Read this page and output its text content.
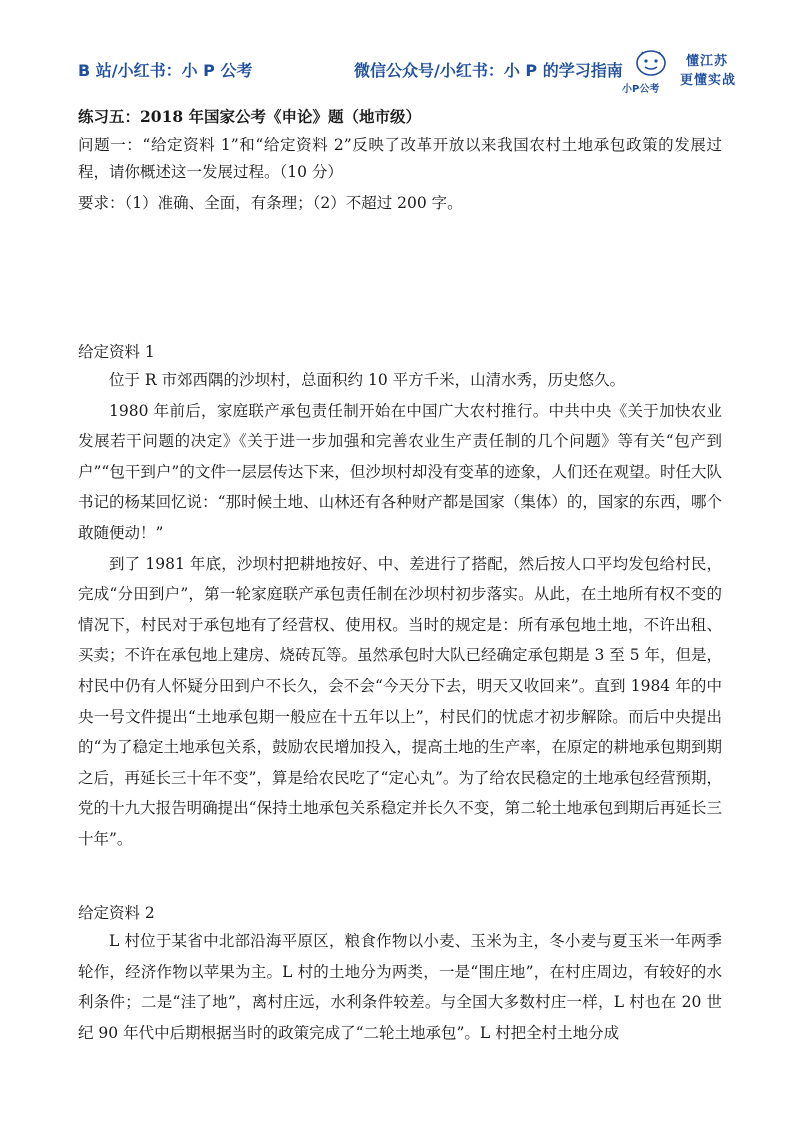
B 站/小红书：小 P 公考	微信公众号/小红书：小 P 的学习指南
小P公考
懂江苏
更懂实战

练习五：2018 年国家公考《申论》题（地市级）

问题一：“给定资料 1”和“给定资料 2”反映了改革开放以来我国农村土地承包政策的发展过程，请你概述这一发展过程。（10 分）

要求：（1）准确、全面，有条理；（2）不超过 200 字。

给定资料 1

位于 R 市郊西隅的沙坝村，总面积约 10 平方千米，山清水秀，历史悠久。

1980 年前后，家庭联产承包责任制开始在中国广大农村推行。中共中央《关于加快农业发展若干问题的决定》《关于进一步加强和完善农业生产责任制的几个问题》等有关“包产到户”“包干到户”的文件一层层传达下来，但沙坝村却没有变革的迹象，人们还在观望。时任大队书记的杨某回忆说：“那时候土地、山林还有各种财产都是国家（集体）的，国家的东西，哪个敢随便动！”

到了 1981 年底，沙坝村把耕地按好、中、差进行了搭配，然后按人口平均发包给村民，完成“分田到户”，第一轮家庭联产承包责任制在沙坝村初步落实。从此，在土地所有权不变的情况下，村民对于承包地有了经营权、使用权。当时的规定是：所有承包地土地，不许出租、买卖；不许在承包地上建房、烧砖瓦等。虽然承包时大队已经确定承包期是 3 至 5 年，但是，村民中仍有人怀疑分田到户不长久，会不会“今天分下去，明天又收回来”。直到 1984 年的中央一号文件提出“土地承包期一般应在十五年以上”，村民们的忧虑才初步解除。而后中央提出的“为了稳定土地承包关系，鼓励农民增加投入，提高土地的生产率，在原定的耕地承包期到期之后，再延长三十年不变”，算是给农民吃了“定心丸”。为了给农民稳定的土地承包经营预期，党的十九大报告明确提出“保持土地承包关系稳定并长久不变，第二轮土地承包到期后再延长三十年”。

给定资料 2

L 村位于某省中北部沿海平原区，粮食作物以小麦、玉米为主，冬小麦与夏玉米一年两季轮作，经济作物以苹果为主。L 村的土地分为两类，一是“围庄地”，在村庄周边，有较好的水利条件；二是“洼了地”，离村庄远，水利条件较差。与全国大多数村庄一样，L 村也在 20 世纪 90 年代中后期根据当时的政策完成了“二轮土地承包”。L 村把全村土地分成
